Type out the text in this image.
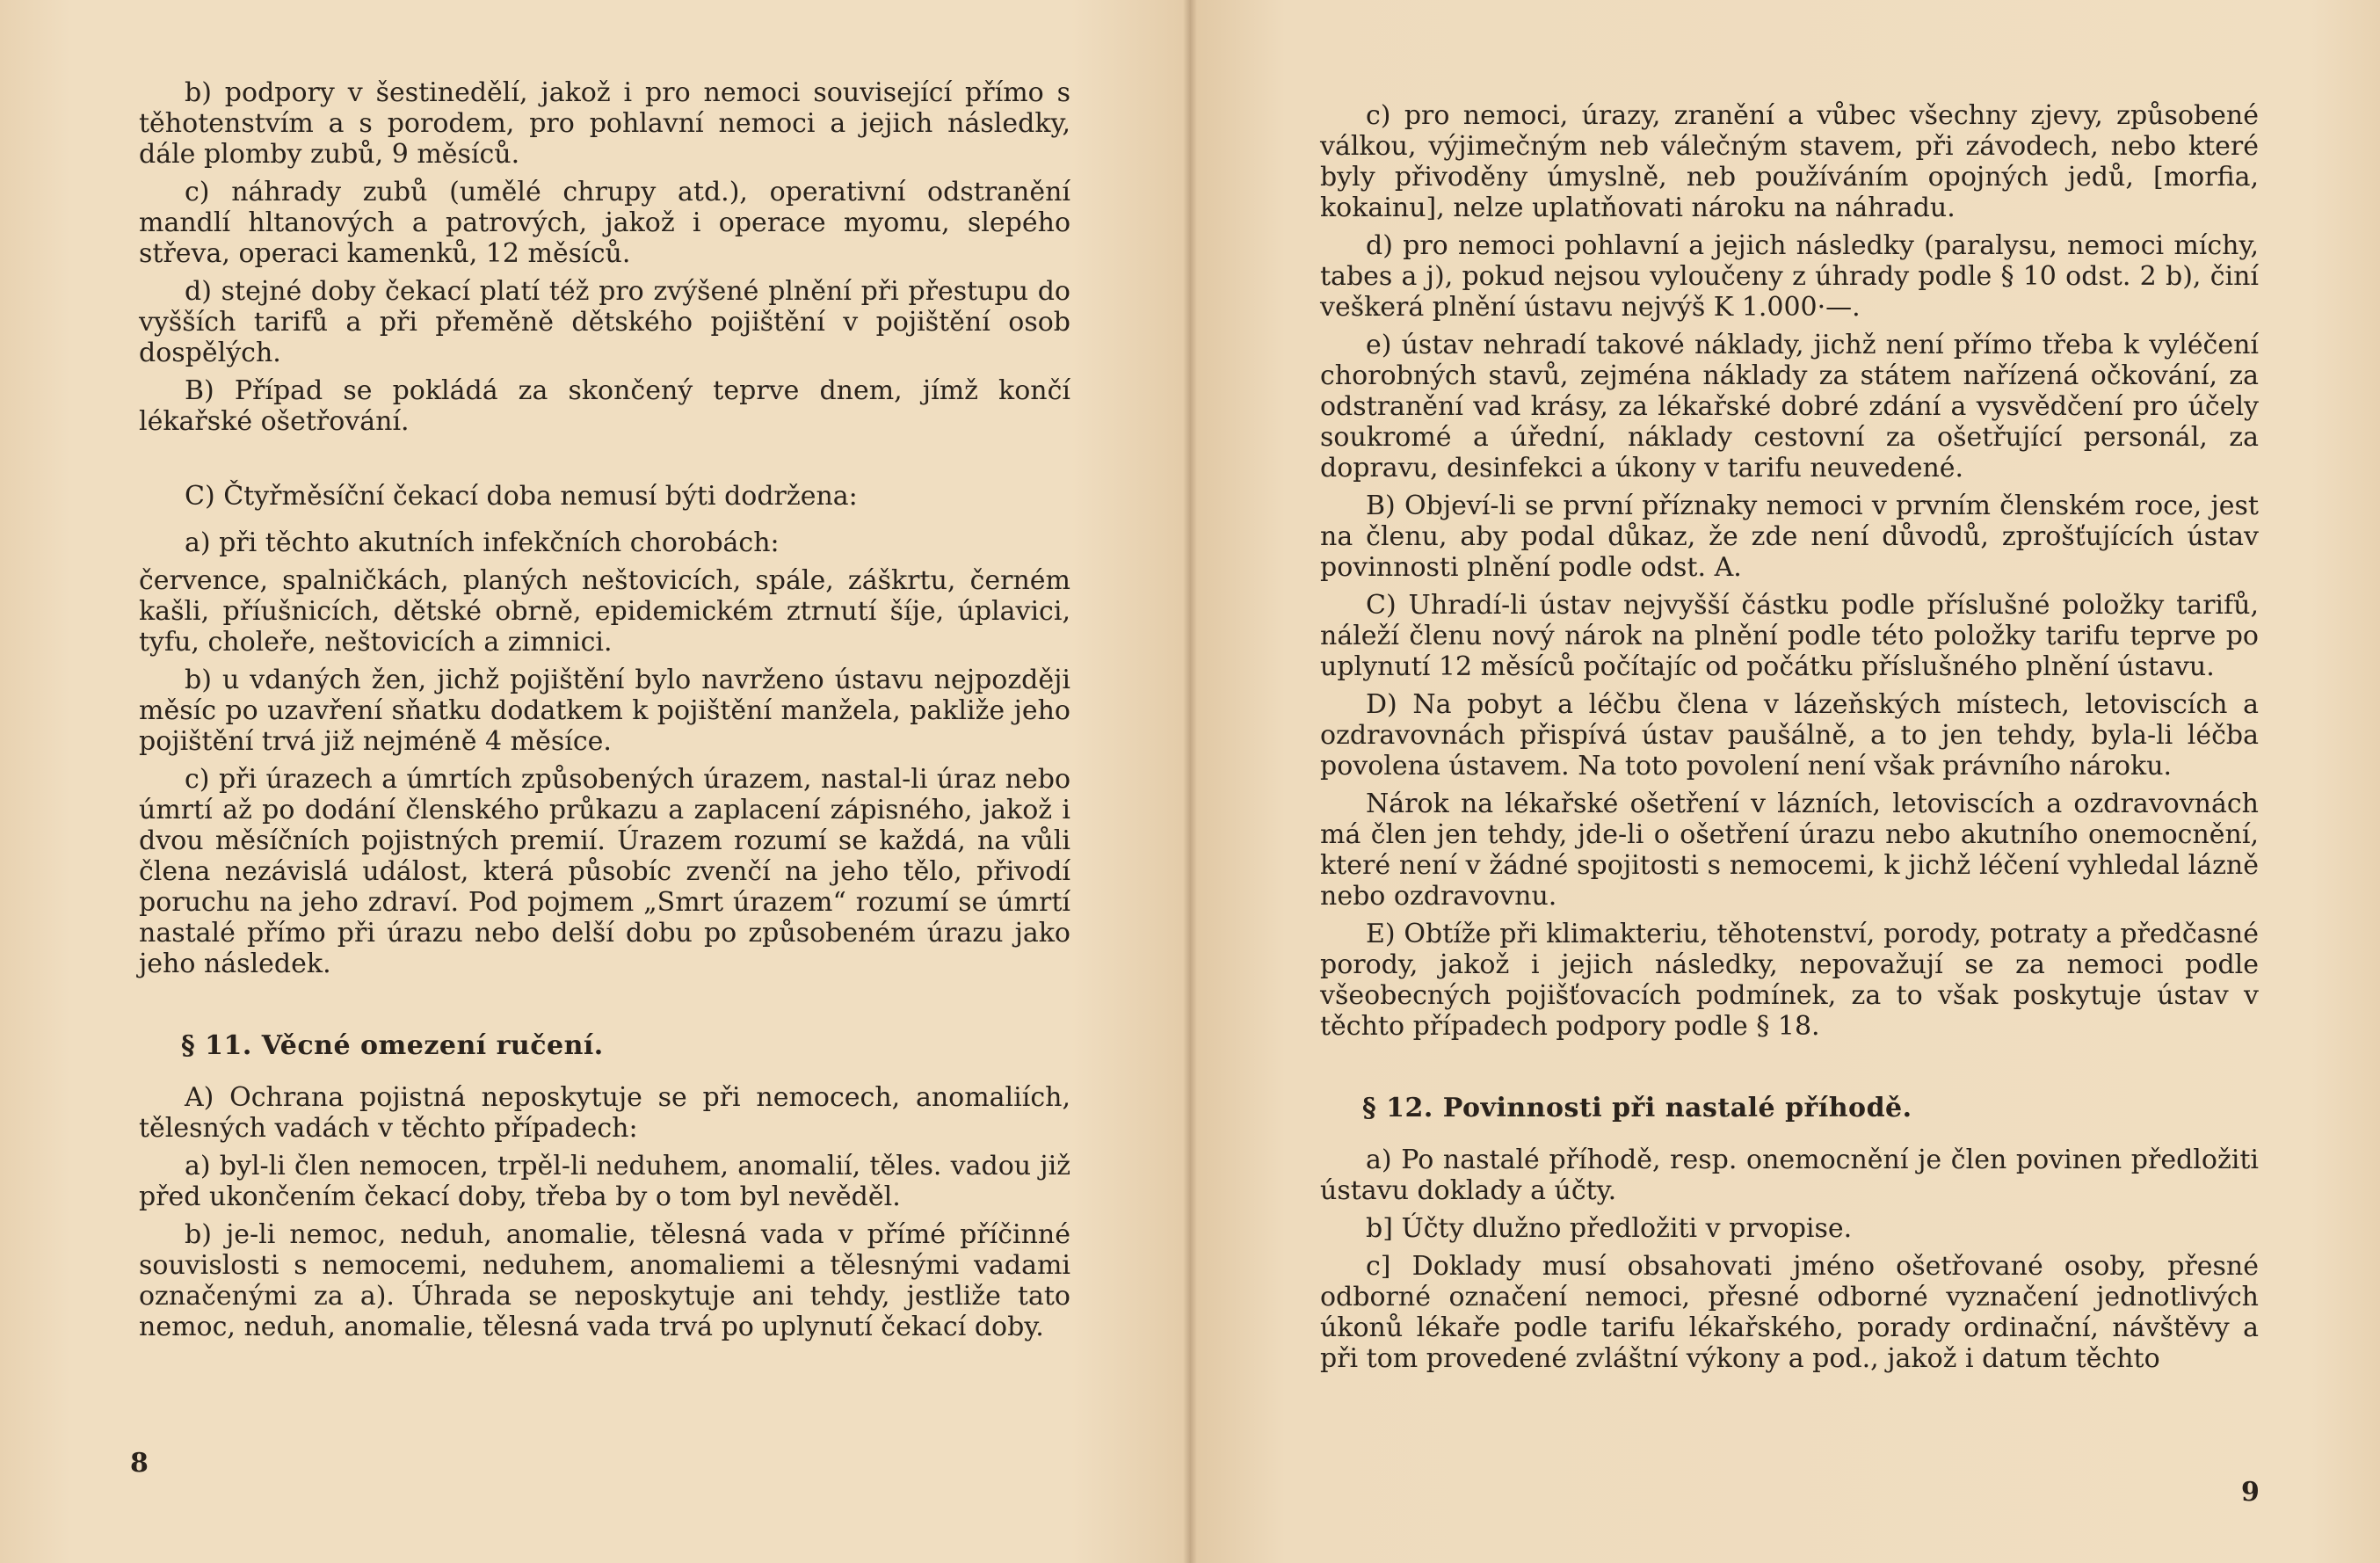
b) podpory v šestinedělí, jakož i pro nemoci související přímo s těhotenstvím a s porodem, pro pohlavní nemoci a jejich následky, dále plomby zubů, 9 měsíců.

c) náhrady zubů (umělé chrupy atd.), operativní odstranění mandlí hltanových a patrových, jakož i operace myomu, slepého střeva, operaci kamenků, 12 měsíců.

d) stejné doby čekací platí též pro zvýšené plnění při přestupu do vyšších tarifů a při přeměně dětského pojištění v pojištění osob dospělých.

B) Případ se pokládá za skončený teprve dnem, jímž končí lékařské ošetřování.

C) Čtyřměsíční čekací doba nemusí býti dodržena:

a) při těchto akutních infekčních chorobách:

července, spalničkách, planých neštovicích, spále, záškrtu, černém kašli, příušnicích, dětské obrně, epidemickém ztrnutí šíje, úplavici, tyfu, choleře, neštovicích a zimnici.

b) u vdaných žen, jichž pojištění bylo navrženo ústavu nejpozději měsíc po uzavření sňatku dodatkem k pojištění manžela, pakliže jeho pojištění trvá již nejméně 4 měsíce.

c) při úrazech a úmrtích způsobených úrazem, nastal-li úraz nebo úmrtí až po dodání členského průkazu a zaplacení zápisného, jakož i dvou měsíčních pojistných premií. Úrazem rozumí se každá, na vůli člena nezávislá událost, která působíc zvenčí na jeho tělo, přivodí poruchu na jeho zdraví. Pod pojmem „Smrt úrazem“ rozumí se úmrtí nastalé přímo při úrazu nebo delší dobu po způsobeném úrazu jako jeho následek.

§ 11. Věcné omezení ručení.

A) Ochrana pojistná neposkytuje se při nemocech, anomaliích, tělesných vadách v těchto případech:

a) byl-li člen nemocen, trpěl-li neduhem, anomalií, těles. vadou již před ukončením čekací doby, třeba by o tom byl nevěděl.

b) je-li nemoc, neduh, anomalie, tělesná vada v přímé příčinné souvislosti s nemocemi, neduhem, anomaliemi a tělesnými vadami označenými za a). Úhrada se neposkytuje ani tehdy, jestliže tato nemoc, neduh, anomalie, tělesná vada trvá po uplynutí čekací doby.

8

c) pro nemoci, úrazy, zranění a vůbec všechny zjevy, způsobené válkou, výjimečným neb válečným stavem, při závodech, nebo které byly přivoděny úmyslně, neb používáním opojných jedů, [morfia, kokainu], nelze uplatňovati nároku na náhradu.

d) pro nemoci pohlavní a jejich následky (paralysu, nemoci míchy, tabes a j), pokud nejsou vyloučeny z úhrady podle § 10 odst. 2 b), činí veškerá plnění ústavu nejvýš K 1.000·—.

e) ústav nehradí takové náklady, jichž není přímo třeba k vyléčení chorobných stavů, zejména náklady za státem nařízená očkování, za odstranění vad krásy, za lékařské dobré zdání a vysvědčení pro účely soukromé a úřední, náklady cestovní za ošetřující personál, za dopravu, desinfekci a úkony v tarifu neuvedené.

B) Objeví-li se první příznaky nemoci v prvním členském roce, jest na členu, aby podal důkaz, že zde není důvodů, zprošťujících ústav povinnosti plnění podle odst. A.

C) Uhradí-li ústav nejvyšší částku podle příslušné položky tarifů, náleží členu nový nárok na plnění podle této položky tarifu teprve po uplynutí 12 měsíců počítajíc od počátku příslušného plnění ústavu.

D) Na pobyt a léčbu člena v lázeňských místech, letoviscích a ozdravovnách přispívá ústav paušálně, a to jen tehdy, byla-li léčba povolena ústavem. Na toto povolení není však právního nároku.

Nárok na lékařské ošetření v lázních, letoviscích a ozdravovnách má člen jen tehdy, jde-li o ošetření úrazu nebo akutního onemocnění, které není v žádné spojitosti s nemocemi, k jichž léčení vyhledal lázně nebo ozdravovnu.

E) Obtíže při klimakteriu, těhotenství, porody, potraty a předčasné porody, jakož i jejich následky, nepovažují se za nemoci podle všeobecných pojišťovacích podmínek, za to však poskytuje ústav v těchto případech podpory podle § 18.

§ 12. Povinnosti při nastalé příhodě.

a) Po nastalé příhodě, resp. onemocnění je člen povinen předložiti ústavu doklady a účty.

b] Účty dlužno předložiti v prvopise.

c] Doklady musí obsahovati jméno ošetřované osoby, přesné odborné označení nemoci, přesné odborné vyznačení jednotlivých úkonů lékaře podle tarifu lékařského, porady ordinační, návštěvy a při tom provedené zvláštní výkony a pod., jakož i datum těchto

9
